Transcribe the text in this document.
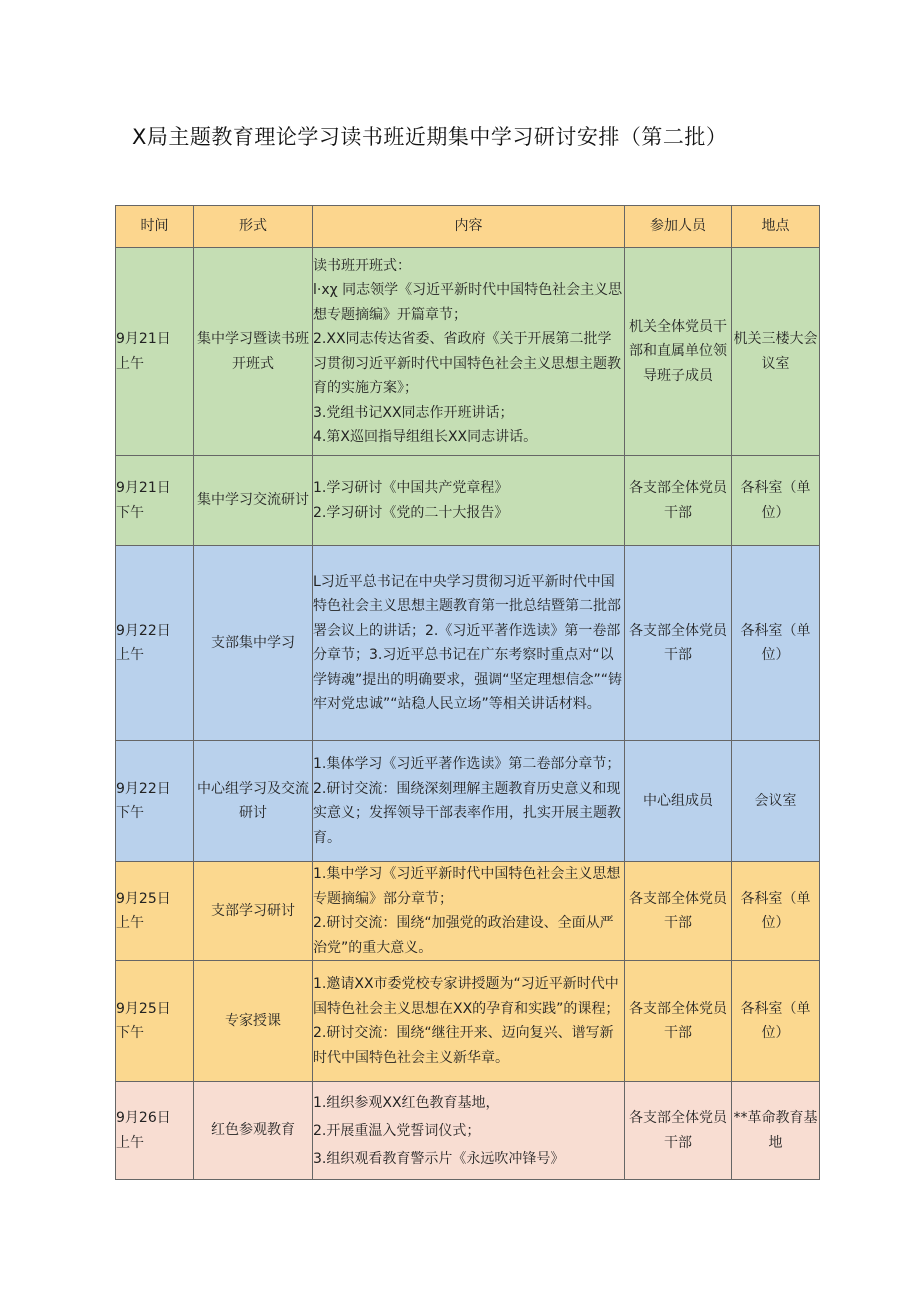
X局主题教育理论学习读书班近期集中学习研讨安排（第二批）
时间	形式	内容	参加人员	地点

9月21日
上午	集中学习暨读书班开班式	读书班开班式：
l·xχ 同志领学《习近平新时代中国特色社会主义思想专题摘编》开篇章节；
2.XX同志传达省委、省政府《关于开展第二批学习贯彻习近平新时代中国特色社会主义思想主题教育的实施方案》；
3.党组书记XX同志作开班讲话；
4.第X巡回指导组组长XX同志讲话。	机关全体党员干部和直属单位领导班子成员	机关三楼大会议室

9月21日
下午	集中学习交流研讨	1.学习研讨《中国共产党章程》
2.学习研讨《党的二十大报告》	各支部全体党员干部	各科室（单位）

9月22日
上午	支部集中学习	L习近平总书记在中央学习贯彻习近平新时代中国特色社会主义思想主题教育第一批总结暨第二批部署会议上的讲话；2.《习近平著作选读》第一卷部分章节；3.习近平总书记在广东考察时重点对“以学铸魂”提出的明确要求，强调“坚定理想信念”“铸牢对党忠诚”“站稳人民立场”等相关讲话材料。	各支部全体党员干部	各科室（单位）

9月22日
下午	中心组学习及交流研讨	1.集体学习《习近平著作选读》第二卷部分章节；
2.研讨交流：围绕深刻理解主题教育历史意义和现实意义；发挥领导干部表率作用，扎实开展主题教育。	中心组成员	会议室

9月25日
上午	支部学习研讨	1.集中学习《习近平新时代中国特色社会主义思想专题摘编》部分章节；
2.研讨交流：围绕“加强党的政治建设、全面从严治党”的重大意义。	各支部全体党员干部	各科室（单位）

9月25日
下午	专家授课	1.邀请XX市委党校专家讲授题为“习近平新时代中国特色社会主义思想在XX的孕育和实践”的课程；
2.研讨交流：围绕“继往开来、迈向复兴、谱写新时代中国特色社会主义新华章。	各支部全体党员干部	各科室（单位）

9月26日
上午	红色参观教育	1.组织参观XX红色教育基地，
2.开展重温入党誓词仪式；
3.组织观看教育警示片《永远吹冲锋号》	各支部全体党员干部	**革命教育基地
